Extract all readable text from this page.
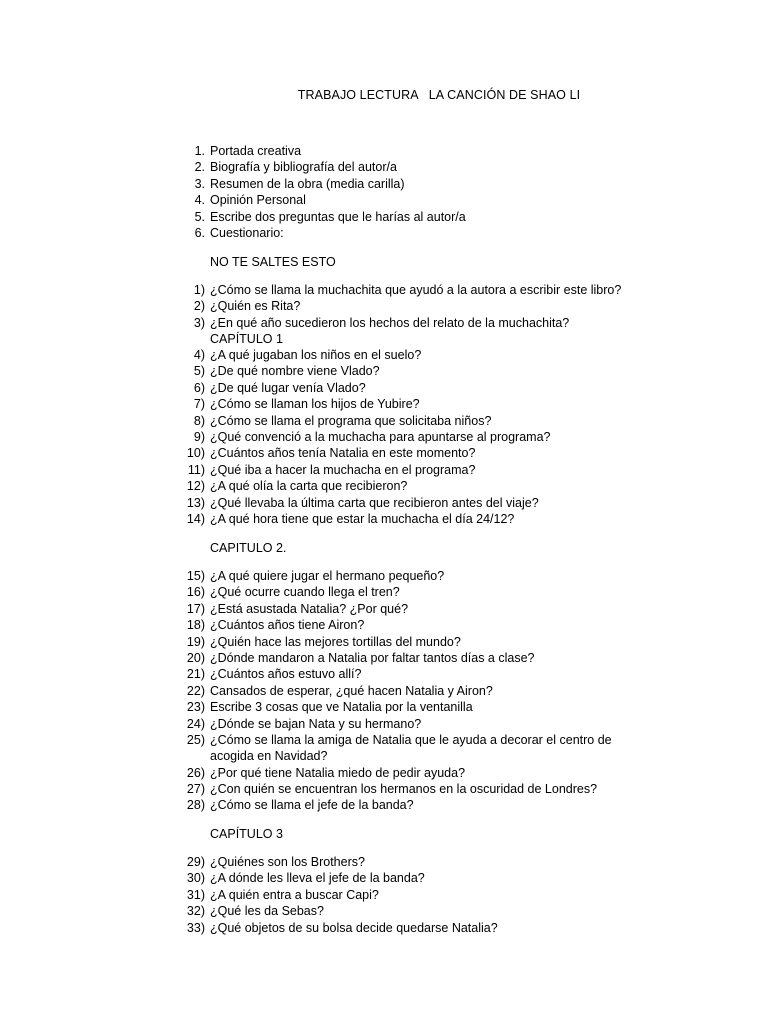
TRABAJO LECTURA   LA CANCIÓN DE SHAO LI
1. Portada creativa
2. Biografía y bibliografía del autor/a
3. Resumen de la obra (media carilla)
4. Opinión Personal
5. Escribe dos preguntas que le harías al autor/a
6. Cuestionario:
NO TE SALTES ESTO
1) ¿Cómo se llama la muchachita que ayudó a la autora a escribir este libro?
2) ¿Quién es Rita?
3) ¿En qué año sucedieron los hechos del relato de la muchachita?
CAPÍTULO 1
4) ¿A qué jugaban los niños en el suelo?
5) ¿De qué nombre viene Vlado?
6) ¿De qué lugar venía Vlado?
7) ¿Cómo se llaman los hijos de Yubire?
8) ¿Cómo se llama el programa que solicitaba niños?
9) ¿Qué convenció a la muchacha para apuntarse al programa?
10) ¿Cuántos años tenía Natalia en este momento?
11) ¿Qué iba a hacer la muchacha en el programa?
12) ¿A qué olía la carta que recibieron?
13) ¿Qué llevaba la última carta que recibieron antes del viaje?
14) ¿A qué hora tiene que estar la muchacha el día 24/12?
CAPITULO 2.
15) ¿A qué quiere jugar el hermano pequeño?
16) ¿Qué ocurre cuando llega el tren?
17) ¿Está asustada Natalia? ¿Por qué?
18) ¿Cuántos años tiene Airon?
19) ¿Quién hace las mejores tortillas del mundo?
20) ¿Dónde mandaron a Natalia por faltar tantos días a clase?
21) ¿Cuántos años estuvo allí?
22) Cansados de esperar, ¿qué hacen Natalia y Airon?
23) Escribe 3 cosas que ve Natalia por la ventanilla
24) ¿Dónde se bajan Nata y su hermano?
25) ¿Cómo se llama la amiga de Natalia que le ayuda a decorar el centro de acogida en Navidad?
26) ¿Por qué tiene Natalia miedo de pedir ayuda?
27) ¿Con quién se encuentran los hermanos en la oscuridad de Londres?
28) ¿Cómo se llama el jefe de la banda?
CAPÍTULO 3
29) ¿Quiénes son los Brothers?
30) ¿A dónde les lleva el jefe de la banda?
31) ¿A quién entra a buscar Capi?
32) ¿Qué les da Sebas?
33) ¿Qué objetos de su bolsa decide quedarse Natalia?
